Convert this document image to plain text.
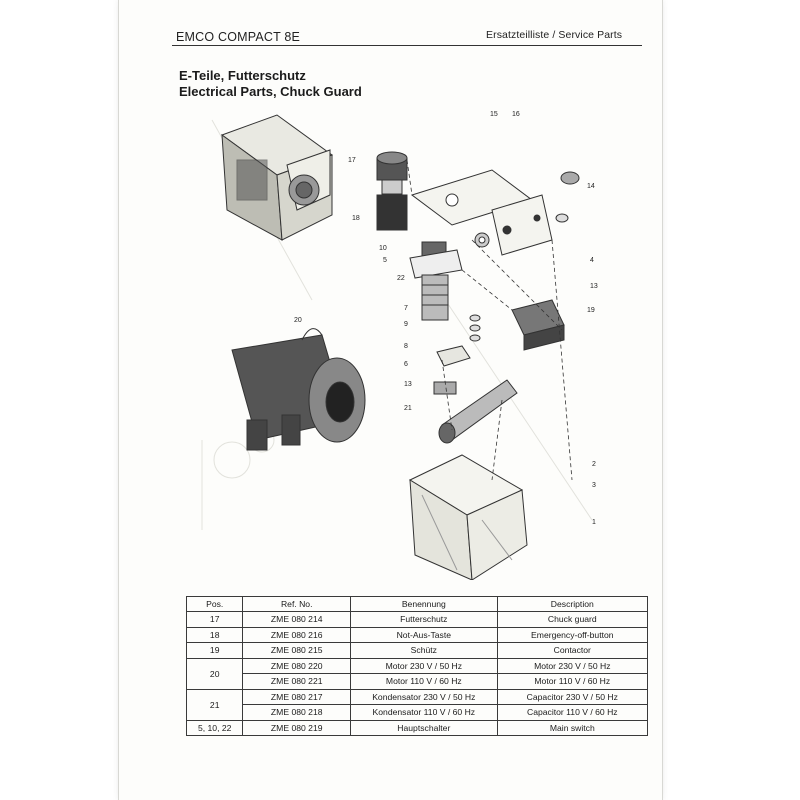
EMCO COMPACT 8E	Ersatzteilliste / Service Parts
E-Teile, Futterschutz
Electrical Parts, Chuck Guard
15 16
17
14
18
10
5	4
22
13
7	19
9
20
8
6
13
21
2
3
1
Pos.	Ref. No.	Benennung	Description
17	ZME 080 214	Futterschutz	Chuck guard
18	ZME 080 216	Not-Aus-Taste	Emergency-off-button
19	ZME 080 215	Schütz	Contactor
20	ZME 080 220	Motor 230 V / 50 Hz	Motor 230 V / 50 Hz
	ZME 080 221	Motor 110 V / 60 Hz	Motor 110 V / 60 Hz
21	ZME 080 217	Kondensator 230 V / 50 Hz	Capacitor 230 V / 50 Hz
	ZME 080 218	Kondensator 110 V / 60 Hz	Capacitor 110 V / 60 Hz
5, 10, 22	ZME 080 219	Hauptschalter	Main switch
